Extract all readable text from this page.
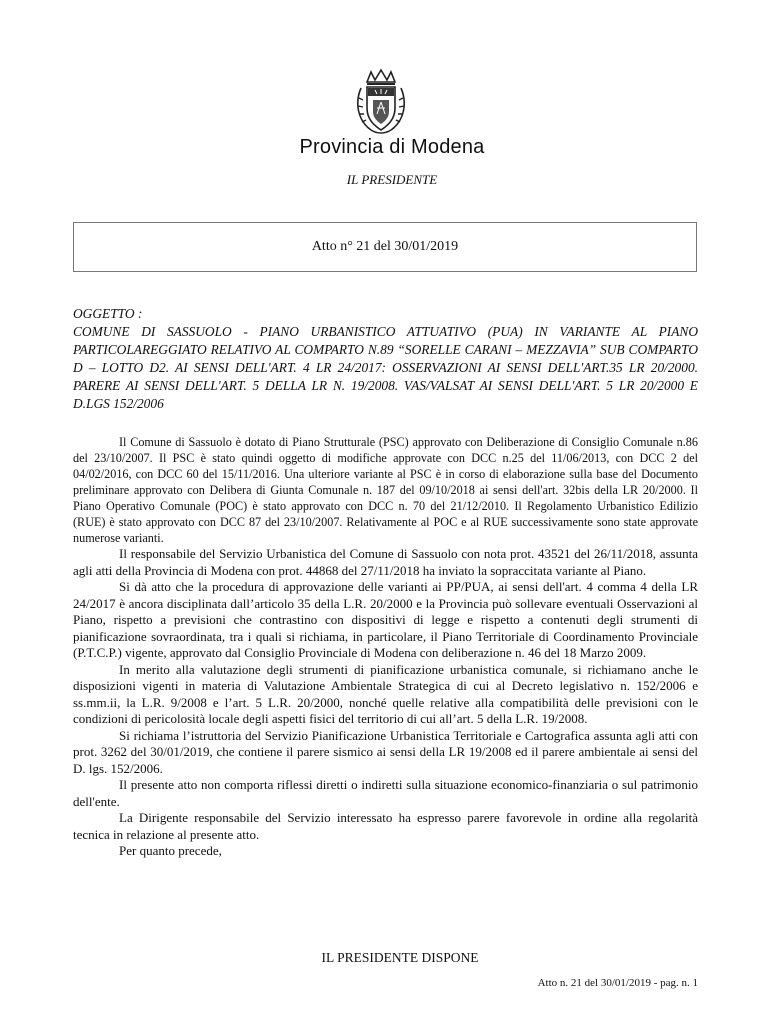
Provincia di Modena
IL PRESIDENTE
Atto n° 21 del 30/01/2019
OGGETTO :
COMUNE DI SASSUOLO - PIANO URBANISTICO ATTUATIVO (PUA) IN VARIANTE AL PIANO PARTICOLAREGGIATO RELATIVO AL COMPARTO N.89 “SORELLE CARANI – MEZZAVIA” SUB COMPARTO D – LOTTO D2. AI SENSI DELL'ART. 4 LR 24/2017: OSSERVAZIONI AI SENSI DELL'ART.35 LR 20/2000. PARERE AI SENSI DELL'ART. 5 DELLA LR N. 19/2008. VAS/VALSAT AI SENSI DELL'ART. 5 LR 20/2000 E D.LGS 152/2006

Il Comune di Sassuolo è dotato di Piano Strutturale (PSC) approvato con Deliberazione di Consiglio Comunale n.86 del 23/10/2007. Il PSC è stato quindi oggetto di modifiche approvate con DCC n.25 del 11/06/2013, con DCC 2 del 04/02/2016, con DCC 60 del 15/11/2016. Una ulteriore variante al PSC è in corso di elaborazione sulla base del Documento preliminare approvato con Delibera di Giunta Comunale n. 187 del 09/10/2018 ai sensi dell'art. 32bis della LR 20/2000. Il Piano Operativo Comunale (POC) è stato approvato con DCC n. 70 del 21/12/2010. Il Regolamento Urbanistico Edilizio (RUE) è stato approvato con DCC 87 del 23/10/2007. Relativamente al POC e al RUE successivamente sono state approvate numerose varianti.

Il responsabile del Servizio Urbanistica del Comune di Sassuolo con nota prot. 43521 del 26/11/2018, assunta agli atti della Provincia di Modena con prot. 44868 del 27/11/2018 ha inviato la sopraccitata variante al Piano.

Si dà atto che la procedura di approvazione delle varianti ai PP/PUA, ai sensi dell'art. 4 comma 4 della LR 24/2017 è ancora disciplinata dall’articolo 35 della L.R. 20/2000 e la Provincia può sollevare eventuali Osservazioni al Piano, rispetto a previsioni che contrastino con dispositivi di legge e rispetto a contenuti degli strumenti di pianificazione sovraordinata, tra i quali si richiama, in particolare, il Piano Territoriale di Coordinamento Provinciale (P.T.C.P.) vigente, approvato dal Consiglio Provinciale di Modena con deliberazione n. 46 del 18 Marzo 2009.

In merito alla valutazione degli strumenti di pianificazione urbanistica comunale, si richiamano anche le disposizioni vigenti in materia di Valutazione Ambientale Strategica di cui al Decreto legislativo n. 152/2006 e ss.mm.ii, la L.R. 9/2008 e l’art. 5 L.R. 20/2000, nonché quelle relative alla compatibilità delle previsioni con le condizioni di pericolosità locale degli aspetti fisici del territorio di cui all’art. 5 della L.R. 19/2008.

Si richiama l’istruttoria del Servizio Pianificazione Urbanistica Territoriale e Cartografica assunta agli atti con prot. 3262 del 30/01/2019, che contiene il parere sismico ai sensi della LR 19/2008 ed il parere ambientale ai sensi del D. lgs. 152/2006.

Il presente atto non comporta riflessi diretti o indiretti sulla situazione economico-finanziaria o sul patrimonio dell'ente.

La Dirigente responsabile del Servizio interessato ha espresso parere favorevole in ordine alla regolarità tecnica in relazione al presente atto.

Per quanto precede,

IL PRESIDENTE DISPONE
Atto n. 21 del 30/01/2019 - pag. n. 1
